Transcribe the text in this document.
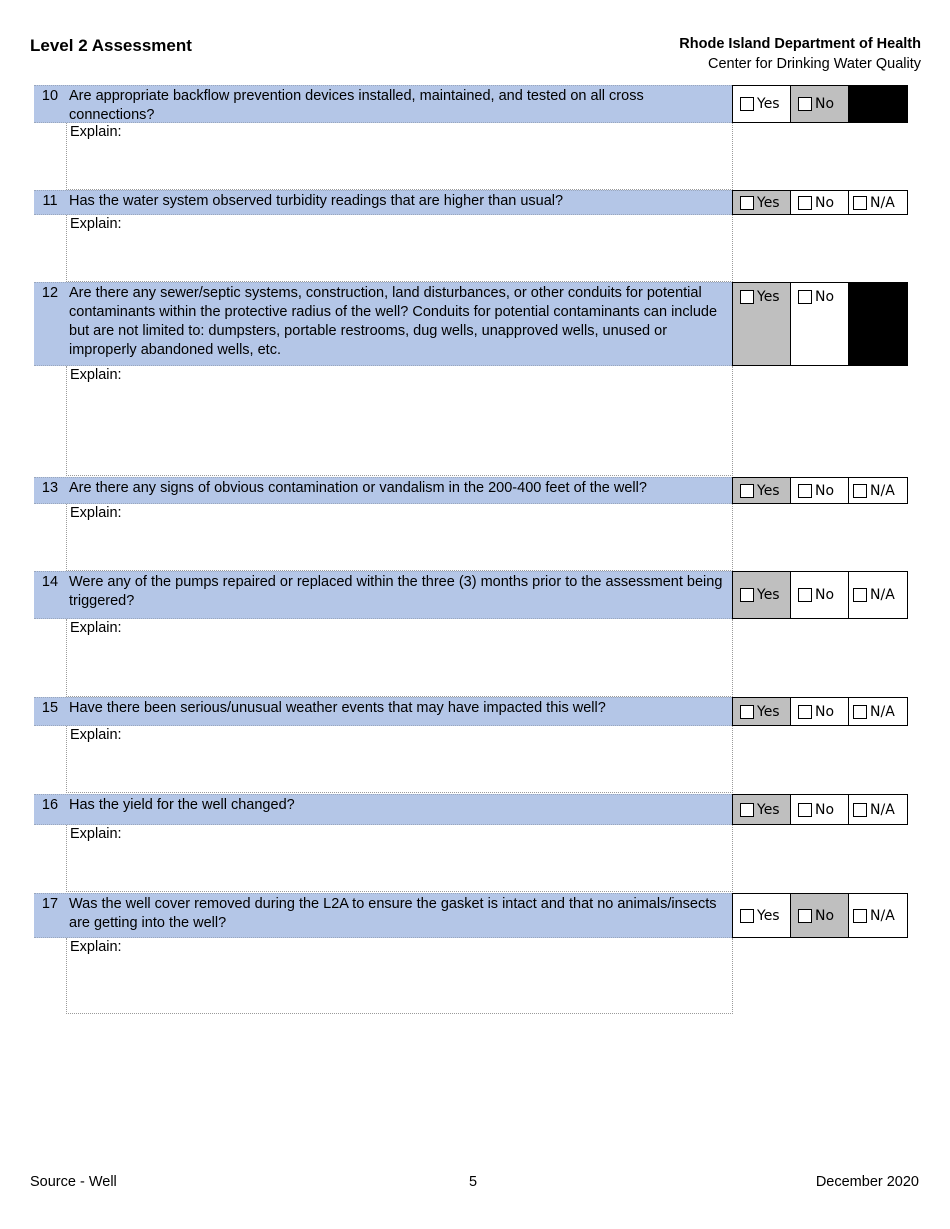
Level 2 Assessment	Rhode Island Department of Health
Center for Drinking Water Quality
10 Are appropriate backflow prevention devices installed, maintained, and tested on all cross connections?
Explain:
Yes	No
11 Has the water system observed turbidity readings that are higher than usual?
Explain:
Yes	No	N/A
12 Are there any sewer/septic systems, construction, land disturbances, or other conduits for potential contaminants within the protective radius of the well? Conduits for potential contaminants can include but are not limited to: dumpsters, portable restrooms, dug wells, unapproved wells, unused or improperly abandoned wells, etc.
Explain:
Yes	No
13 Are there any signs of obvious contamination or vandalism in the 200-400 feet of the well?
Explain:
Yes	No	N/A
14 Were any of the pumps repaired or replaced within the three (3) months prior to the assessment being triggered?
Explain:
Yes	No	N/A
15 Have there been serious/unusual weather events that may have impacted this well?
Explain:
Yes	No	N/A
16 Has the yield for the well changed?
Explain:
Yes	No	N/A
17 Was the well cover removed during the L2A to ensure the gasket is intact and that no animals/insects are getting into the well?
Explain:
Yes	No	N/A
Source - Well	5	December 2020
